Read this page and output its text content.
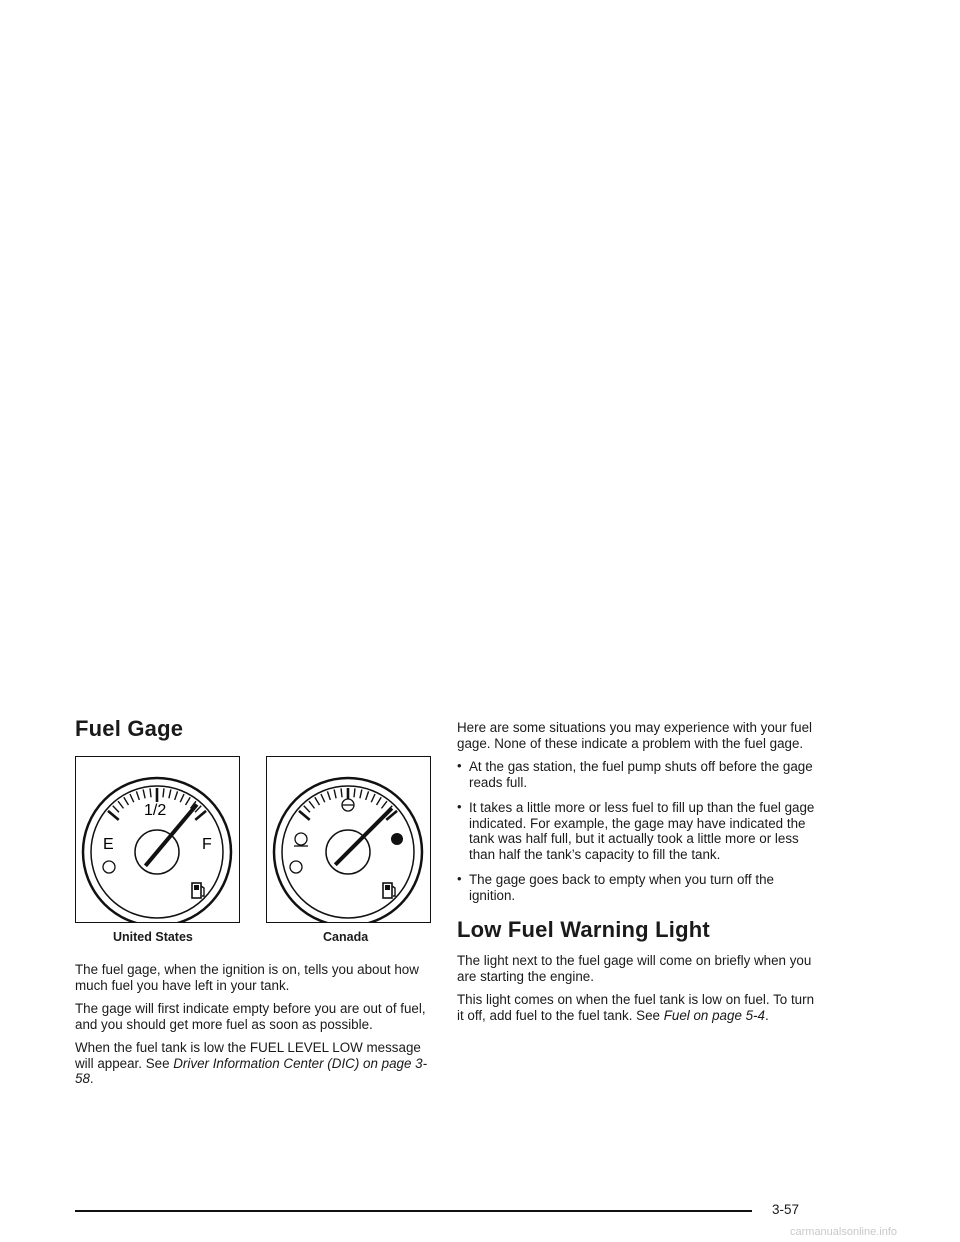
Fuel Gage
E
1/2
F
United States	Canada

The fuel gage, when the ignition is on, tells you about how much fuel you have left in your tank.

The gage will first indicate empty before you are out of fuel, and you should get more fuel as soon as possible.

When the fuel tank is low the FUEL LEVEL LOW message will appear. See Driver Information Center (DIC) on page 3-58.

Here are some situations you may experience with your fuel gage. None of these indicate a problem with the fuel gage.

• At the gas station, the fuel pump shuts off before the gage reads full.
• It takes a little more or less fuel to fill up than the fuel gage indicated. For example, the gage may have indicated the tank was half full, but it actually took a little more or less than half the tank’s capacity to fill the tank.
• The gage goes back to empty when you turn off the ignition.
Low Fuel Warning Light

The light next to the fuel gage will come on briefly when you are starting the engine.

This light comes on when the fuel tank is low on fuel. To turn it off, add fuel to the fuel tank. See Fuel on page 5-4.

3-57
carmanualsonline.info
